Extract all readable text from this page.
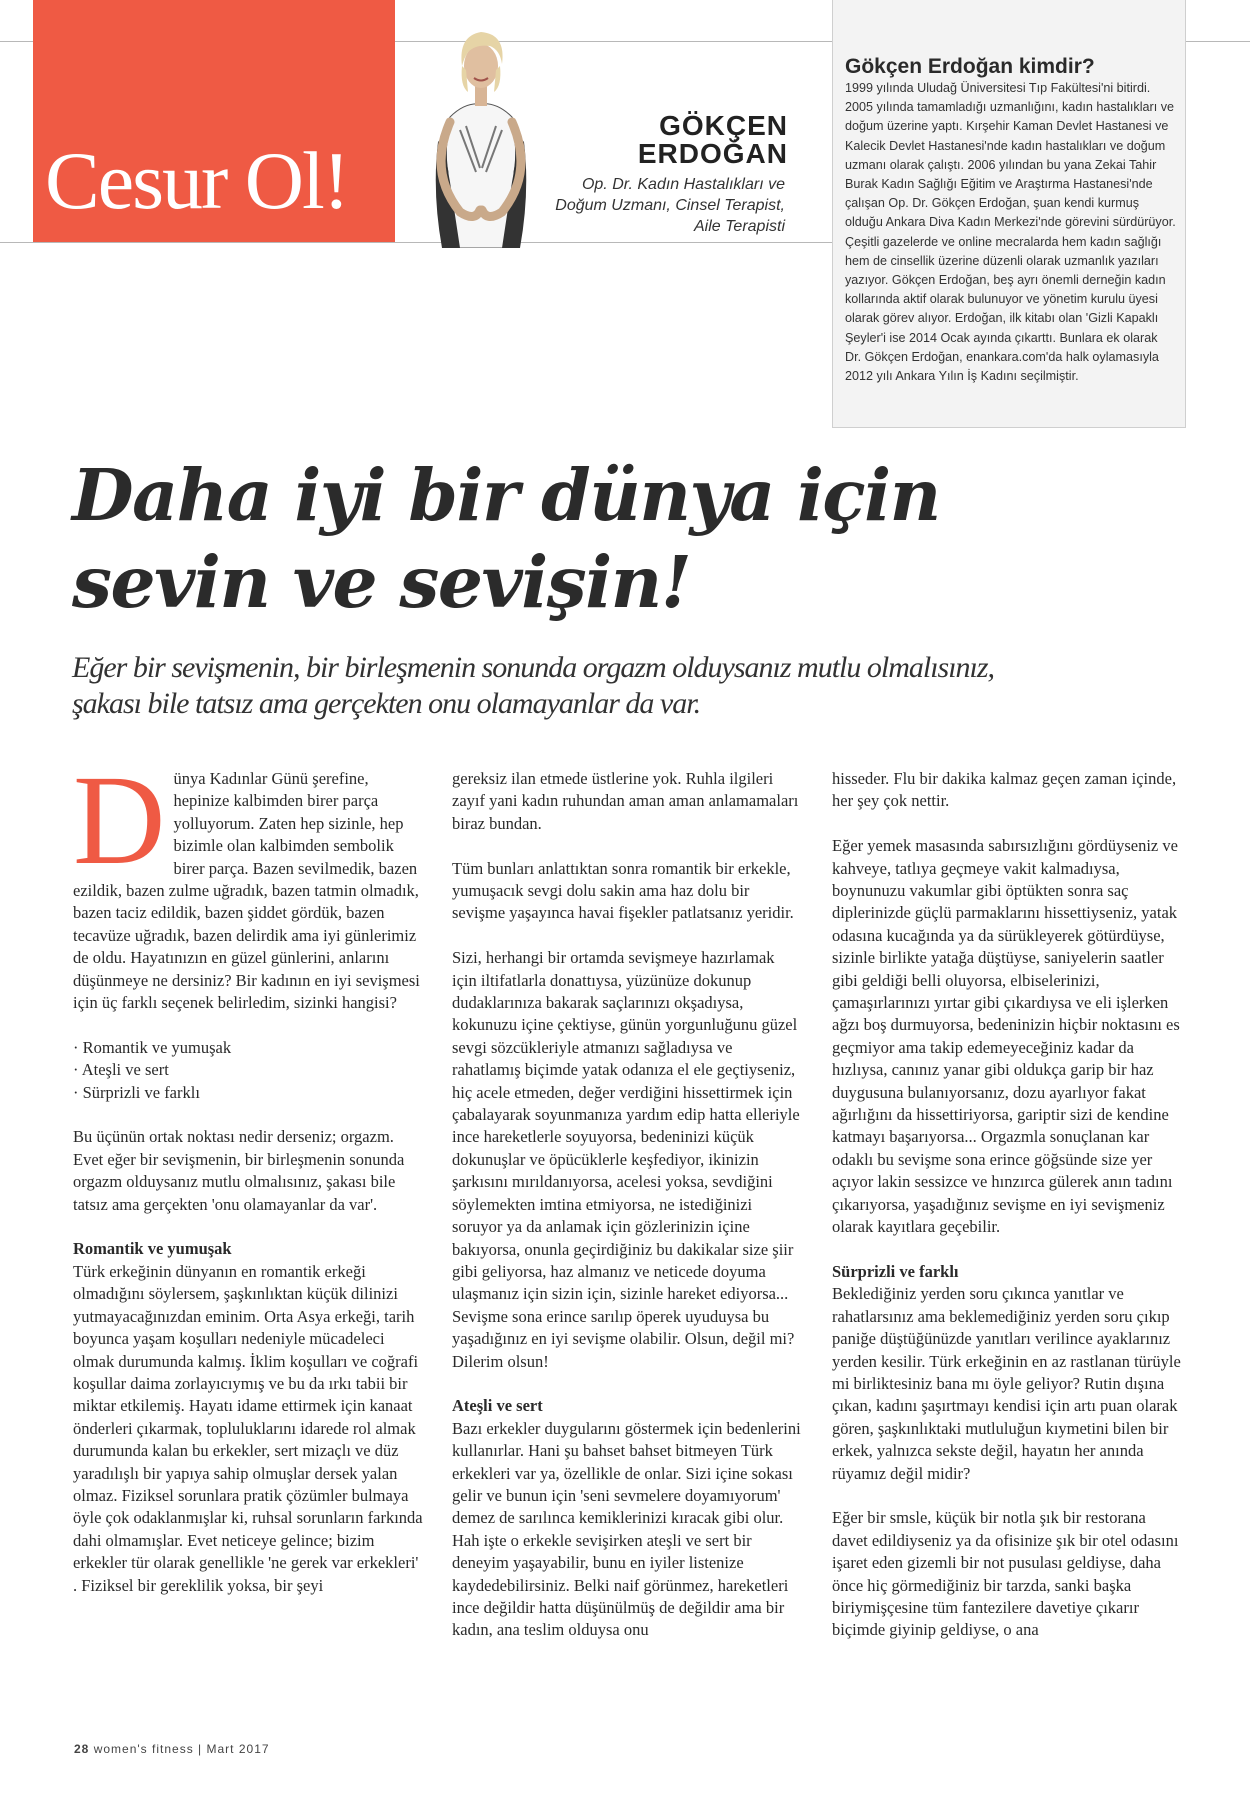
Cesur Ol!
GÖKÇEN
ERDOĞAN
Op. Dr. Kadın Hastalıkları ve
Doğum Uzmanı, Cinsel Terapist,
Aile Terapisti
Gökçen Erdoğan kimdir?
1999 yılında Uludağ Üniversitesi Tıp Fakültesi'ni bitirdi. 2005 yılında tamamladığı uzmanlığını, kadın hastalıkları ve doğum üzerine yaptı. Kırşehir Kaman Devlet Hastanesi ve Kalecik Devlet Hastanesi'nde kadın hastalıkları ve doğum uzmanı olarak çalıştı. 2006 yılından bu yana Zekai Tahir Burak Kadın Sağlığı Eğitim ve Araştırma Hastanesi'nde çalışan Op. Dr. Gökçen Erdoğan, şuan kendi kurmuş olduğu Ankara Diva Kadın Merkezi'nde görevini sürdürüyor. Çeşitli gazelerde ve online mecralarda hem kadın sağlığı hem de cinsellik üzerine düzenli olarak uzmanlık yazıları yazıyor. Gökçen Erdoğan, beş ayrı önemli derneğin kadın kollarında aktif olarak bulunuyor ve yönetim kurulu üyesi olarak görev alıyor. Erdoğan, ilk kitabı olan 'Gizli Kapaklı Şeyler'i ise 2014 Ocak ayında çıkarttı. Bunlara ek olarak Dr. Gökçen Erdoğan, enankara.com'da halk oylamasıyla 2012 yılı Ankara Yılın İş Kadını seçilmiştir.
Daha iyi bir dünya için
sevin ve sevişin!
Eğer bir sevişmenin, bir birleşmenin sonunda orgazm olduysanız mutlu olmalısınız,
şakası bile tatsız ama gerçekten onu olamayanlar da var.

Dünya Kadınlar Günü şerefine, hepinize kalbimden birer parça yolluyorum. Zaten hep sizinle, hep bizimle olan kalbimden sembolik birer parça. Bazen sevilmedik, bazen ezildik, bazen zulme uğradık, bazen tatmin olmadık, bazen taciz edildik, bazen şiddet gördük, bazen tecavüze uğradık, bazen delirdik ama iyi günlerimiz de oldu. Hayatınızın en güzel günlerini, anlarını düşünmeye ne dersiniz? Bir kadının en iyi sevişmesi için üç farklı seçenek belirledim, sizinki hangisi?

· Romantik ve yumuşak
· Ateşli ve sert
· Sürprizli ve farklı

Bu üçünün ortak noktası nedir derseniz; orgazm. Evet eğer bir sevişmenin, bir birleşmenin sonunda orgazm olduysanız mutlu olmalısınız, şakası bile tatsız ama gerçekten 'onu olamayanlar da var'.

Romantik ve yumuşak

Türk erkeğinin dünyanın en romantik erkeği olmadığını söylersem, şaşkınlıktan küçük dilinizi yutmayacağınızdan eminim. Orta Asya erkeği, tarih boyunca yaşam koşulları nedeniyle mücadeleci olmak durumunda kalmış. İklim koşulları ve coğrafi koşullar daima zorlayıcıymış ve bu da ırkı tabii bir miktar etkilemiş. Hayatı idame ettirmek için kanaat önderleri çıkarmak, topluluklarını idarede rol almak durumunda kalan bu erkekler, sert mizaçlı ve düz yaradılışlı bir yapıya sahip olmuşlar dersek yalan olmaz. Fiziksel sorunlara pratik çözümler bulmaya öyle çok odaklanmışlar ki, ruhsal sorunların farkında dahi olmamışlar. Evet neticeye gelince; bizim erkekler tür olarak genellikle 'ne gerek var erkekleri' . Fiziksel bir gereklilik yoksa, bir şeyi

gereksiz ilan etmede üstlerine yok. Ruhla ilgileri zayıf yani kadın ruhundan aman aman anlamamaları biraz bundan.

Tüm bunları anlattıktan sonra romantik bir erkekle, yumuşacık sevgi dolu sakin ama haz dolu bir sevişme yaşayınca havai fişekler patlatsanız yeridir.

Sizi, herhangi bir ortamda sevişmeye hazırlamak için iltifatlarla donattıysa, yüzünüze dokunup dudaklarınıza bakarak saçlarınızı okşadıysa, kokunuzu içine çektiyse, günün yorgunluğunu güzel sevgi sözcükleriyle atmanızı sağladıysa ve rahatlamış biçimde yatak odanıza el ele geçtiyseniz, hiç acele etmeden, değer verdiğini hissettirmek için çabalayarak soyunmanıza yardım edip hatta elleriyle ince hareketlerle soyuyorsa, bedeninizi küçük dokunuşlar ve öpücüklerle keşfediyor, ikinizin şarkısını mırıldanıyorsa, acelesi yoksa, sevdiğini söylemekten imtina etmiyorsa, ne istediğinizi soruyor ya da anlamak için gözlerinizin içine bakıyorsa, onunla geçirdiğiniz bu dakikalar size şiir gibi geliyorsa, haz almanız ve neticede doyuma ulaşmanız için sizin için, sizinle hareket ediyorsa... Sevişme sona erince sarılıp öperek uyuduysa bu yaşadığınız en iyi sevişme olabilir. Olsun, değil mi? Dilerim olsun!

Ateşli ve sert

Bazı erkekler duygularını göstermek için bedenlerini kullanırlar. Hani şu bahset bahset bitmeyen Türk erkekleri var ya, özellikle de onlar. Sizi içine sokası gelir ve bunun için 'seni sevmelere doyamıyorum' demez de sarılınca kemiklerinizi kıracak gibi olur. Hah işte o erkekle sevişirken ateşli ve sert bir deneyim yaşayabilir, bunu en iyiler listenize kaydedebilirsiniz. Belki naif görünmez, hareketleri ince değildir hatta düşünülmüş de değildir ama bir kadın, ana teslim olduysa onu

hisseder. Flu bir dakika kalmaz geçen zaman içinde, her şey çok nettir.

Eğer yemek masasında sabırsızlığını gördüyseniz ve kahveye, tatlıya geçmeye vakit kalmadıysa, boynunuzu vakumlar gibi öptükten sonra saç diplerinizde güçlü parmaklarını hissettiyseniz, yatak odasına kucağında ya da sürükleyerek götürdüyse, sizinle birlikte yatağa düştüyse, saniyelerin saatler gibi geldiği belli oluyorsa, elbiselerinizi, çamaşırlarınızı yırtar gibi çıkardıysa ve eli işlerken ağzı boş durmuyorsa, bedeninizin hiçbir noktasını es geçmiyor ama takip edemeyeceğiniz kadar da hızlıysa, canınız yanar gibi oldukça garip bir haz duygusuna bulanıyorsanız, dozu ayarlıyor fakat ağırlığını da hissettiriyorsa, gariptir sizi de kendine katmayı başarıyorsa... Orgazmla sonuçlanan kar odaklı bu sevişme sona erince göğsünde size yer açıyor lakin sessizce ve hınzırca gülerek anın tadını çıkarıyorsa, yaşadığınız sevişme en iyi sevişmeniz olarak kayıtlara geçebilir.

Sürprizli ve farklı

Beklediğiniz yerden soru çıkınca yanıtlar ve rahatlarsınız ama beklemediğiniz yerden soru çıkıp paniğe düştüğünüzde yanıtları verilince ayaklarınız yerden kesilir. Türk erkeğinin en az rastlanan türüyle mi birliktesiniz bana mı öyle geliyor? Rutin dışına çıkan, kadını şaşırtmayı kendisi için artı puan olarak gören, şaşkınlıktaki mutluluğun kıymetini bilen bir erkek, yalnızca sekste değil, hayatın her anında rüyamız değil midir?

Eğer bir smsle, küçük bir notla şık bir restorana davet edildiyseniz ya da ofisinize şık bir otel odasını işaret eden gizemli bir not pusulası geldiyse, daha önce hiç görmediğiniz bir tarzda, sanki başka biriymişçesine tüm fantezilere davetiye çıkarır biçimde giyinip geldiyse, o ana

28 women's fitness | Mart 2017
